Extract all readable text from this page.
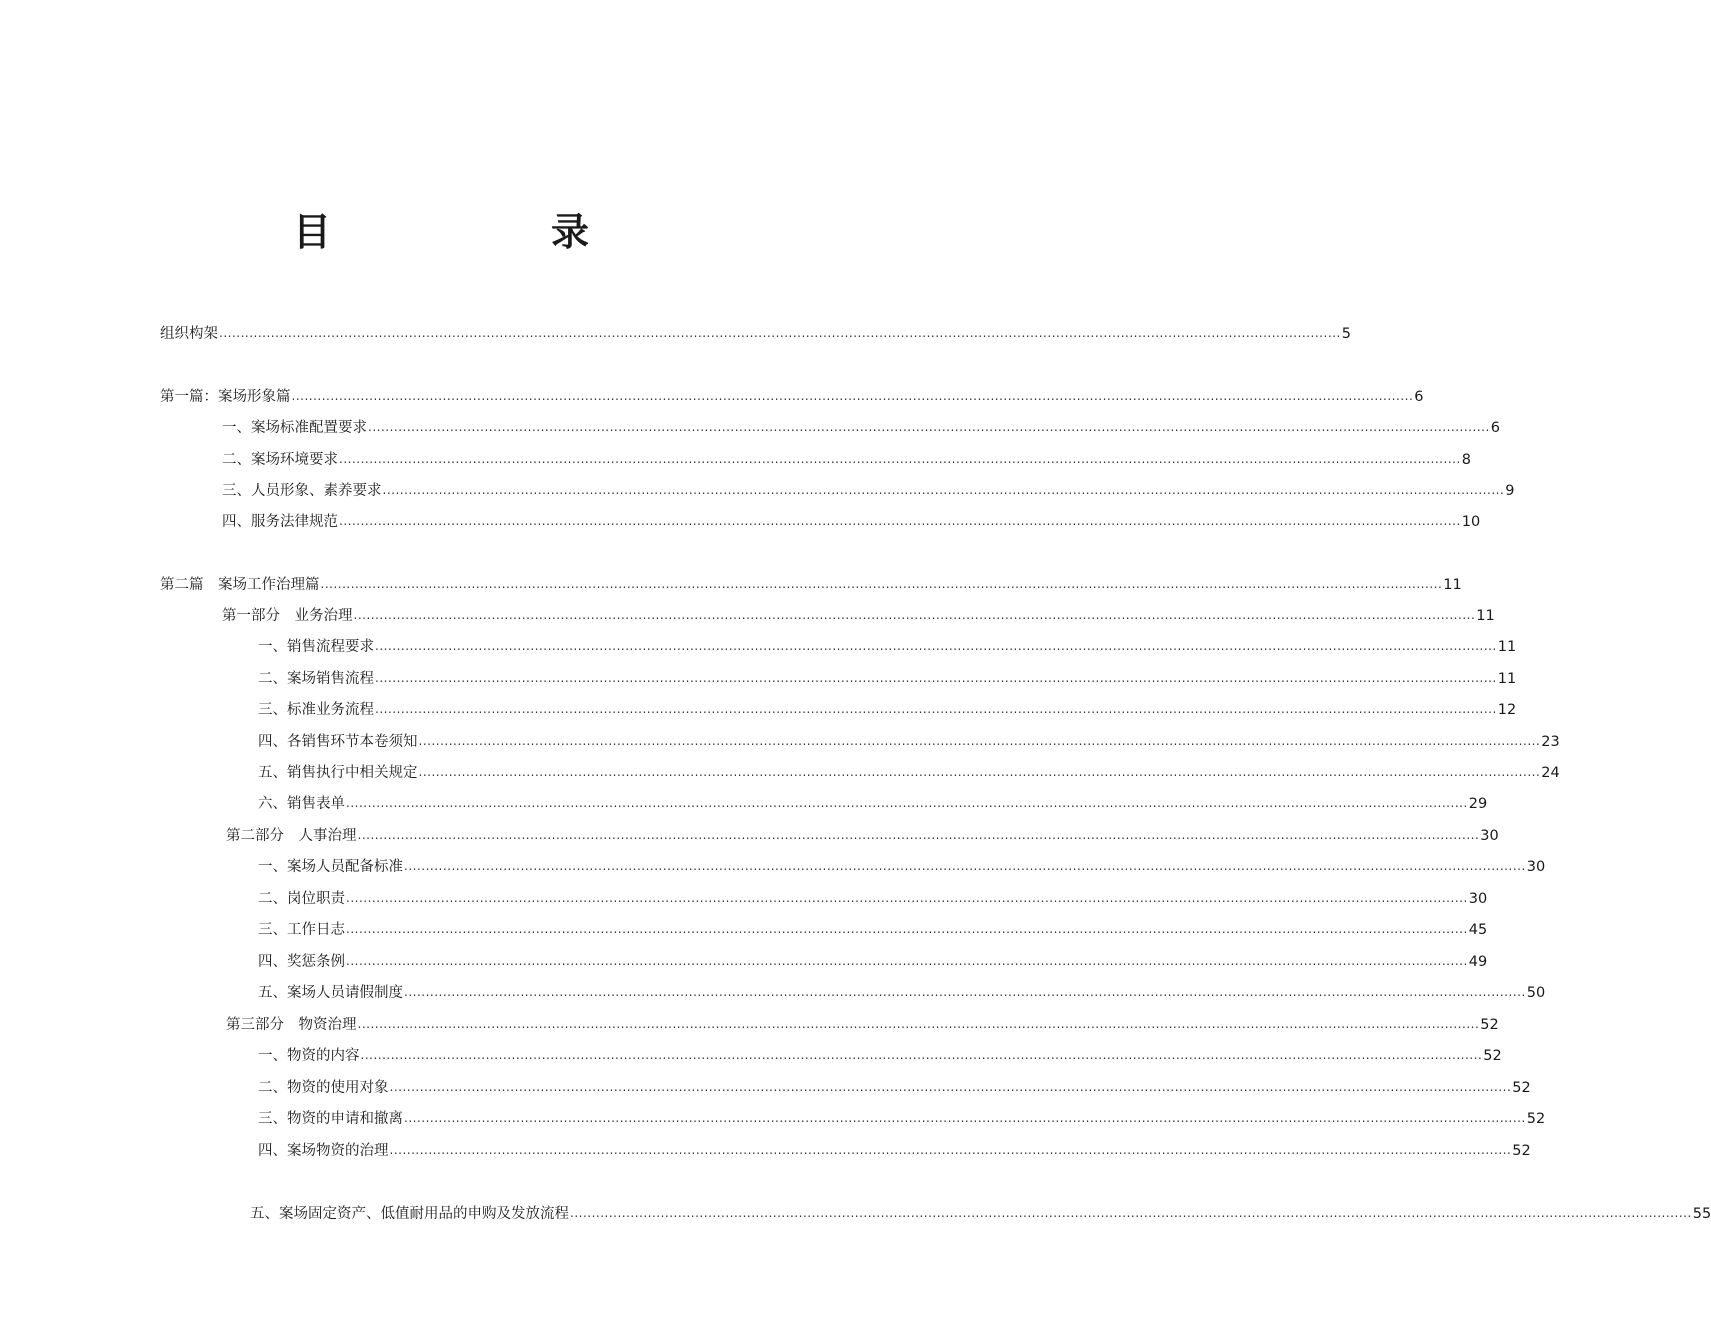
目　　录
组织构架 .................................................................................................................................................................................................................................................................... 5
第一篇：案场形象篇 .................................................................................................................................................................................................................................................................... 6
一、案场标准配置要求 .................................................................................................................................................................................................................................................................... 6
二、案场环境要求 .................................................................................................................................................................................................................................................................... 8
三、人员形象、素养要求 .................................................................................................................................................................................................................................................................... 9
四、服务法律规范 .................................................................................................................................................................................................................................................................... 10
第二篇　案场工作治理篇 .................................................................................................................................................................................................................................................................... 11
第一部分　业务治理 .................................................................................................................................................................................................................................................................... 11
一、销售流程要求 .................................................................................................................................................................................................................................................................... 11
二、案场销售流程 .................................................................................................................................................................................................................................................................... 11
三、标准业务流程 .................................................................................................................................................................................................................................................................... 12
四、各销售环节本卷须知 .................................................................................................................................................................................................................................................................... 23
五、销售执行中相关规定 .................................................................................................................................................................................................................................................................... 24
六、销售表单 .................................................................................................................................................................................................................................................................... 29
第二部分　人事治理 .................................................................................................................................................................................................................................................................... 30
一、案场人员配备标准 .................................................................................................................................................................................................................................................................... 30
二、岗位职责 .................................................................................................................................................................................................................................................................... 30
三、工作日志 .................................................................................................................................................................................................................................................................... 45
四、奖惩条例 .................................................................................................................................................................................................................................................................... 49
五、案场人员请假制度 .................................................................................................................................................................................................................................................................... 50
第三部分　物资治理 .................................................................................................................................................................................................................................................................... 52
一、物资的内容 .................................................................................................................................................................................................................................................................... 52
二、物资的使用对象 .................................................................................................................................................................................................................................................................... 52
三、物资的申请和撤离 .................................................................................................................................................................................................................................................................... 52
四、案场物资的治理 .................................................................................................................................................................................................................................................................... 52
五、案场固定资产、低值耐用品的申购及发放流程 .................................................................................................................................................................................................................................................................... 55
